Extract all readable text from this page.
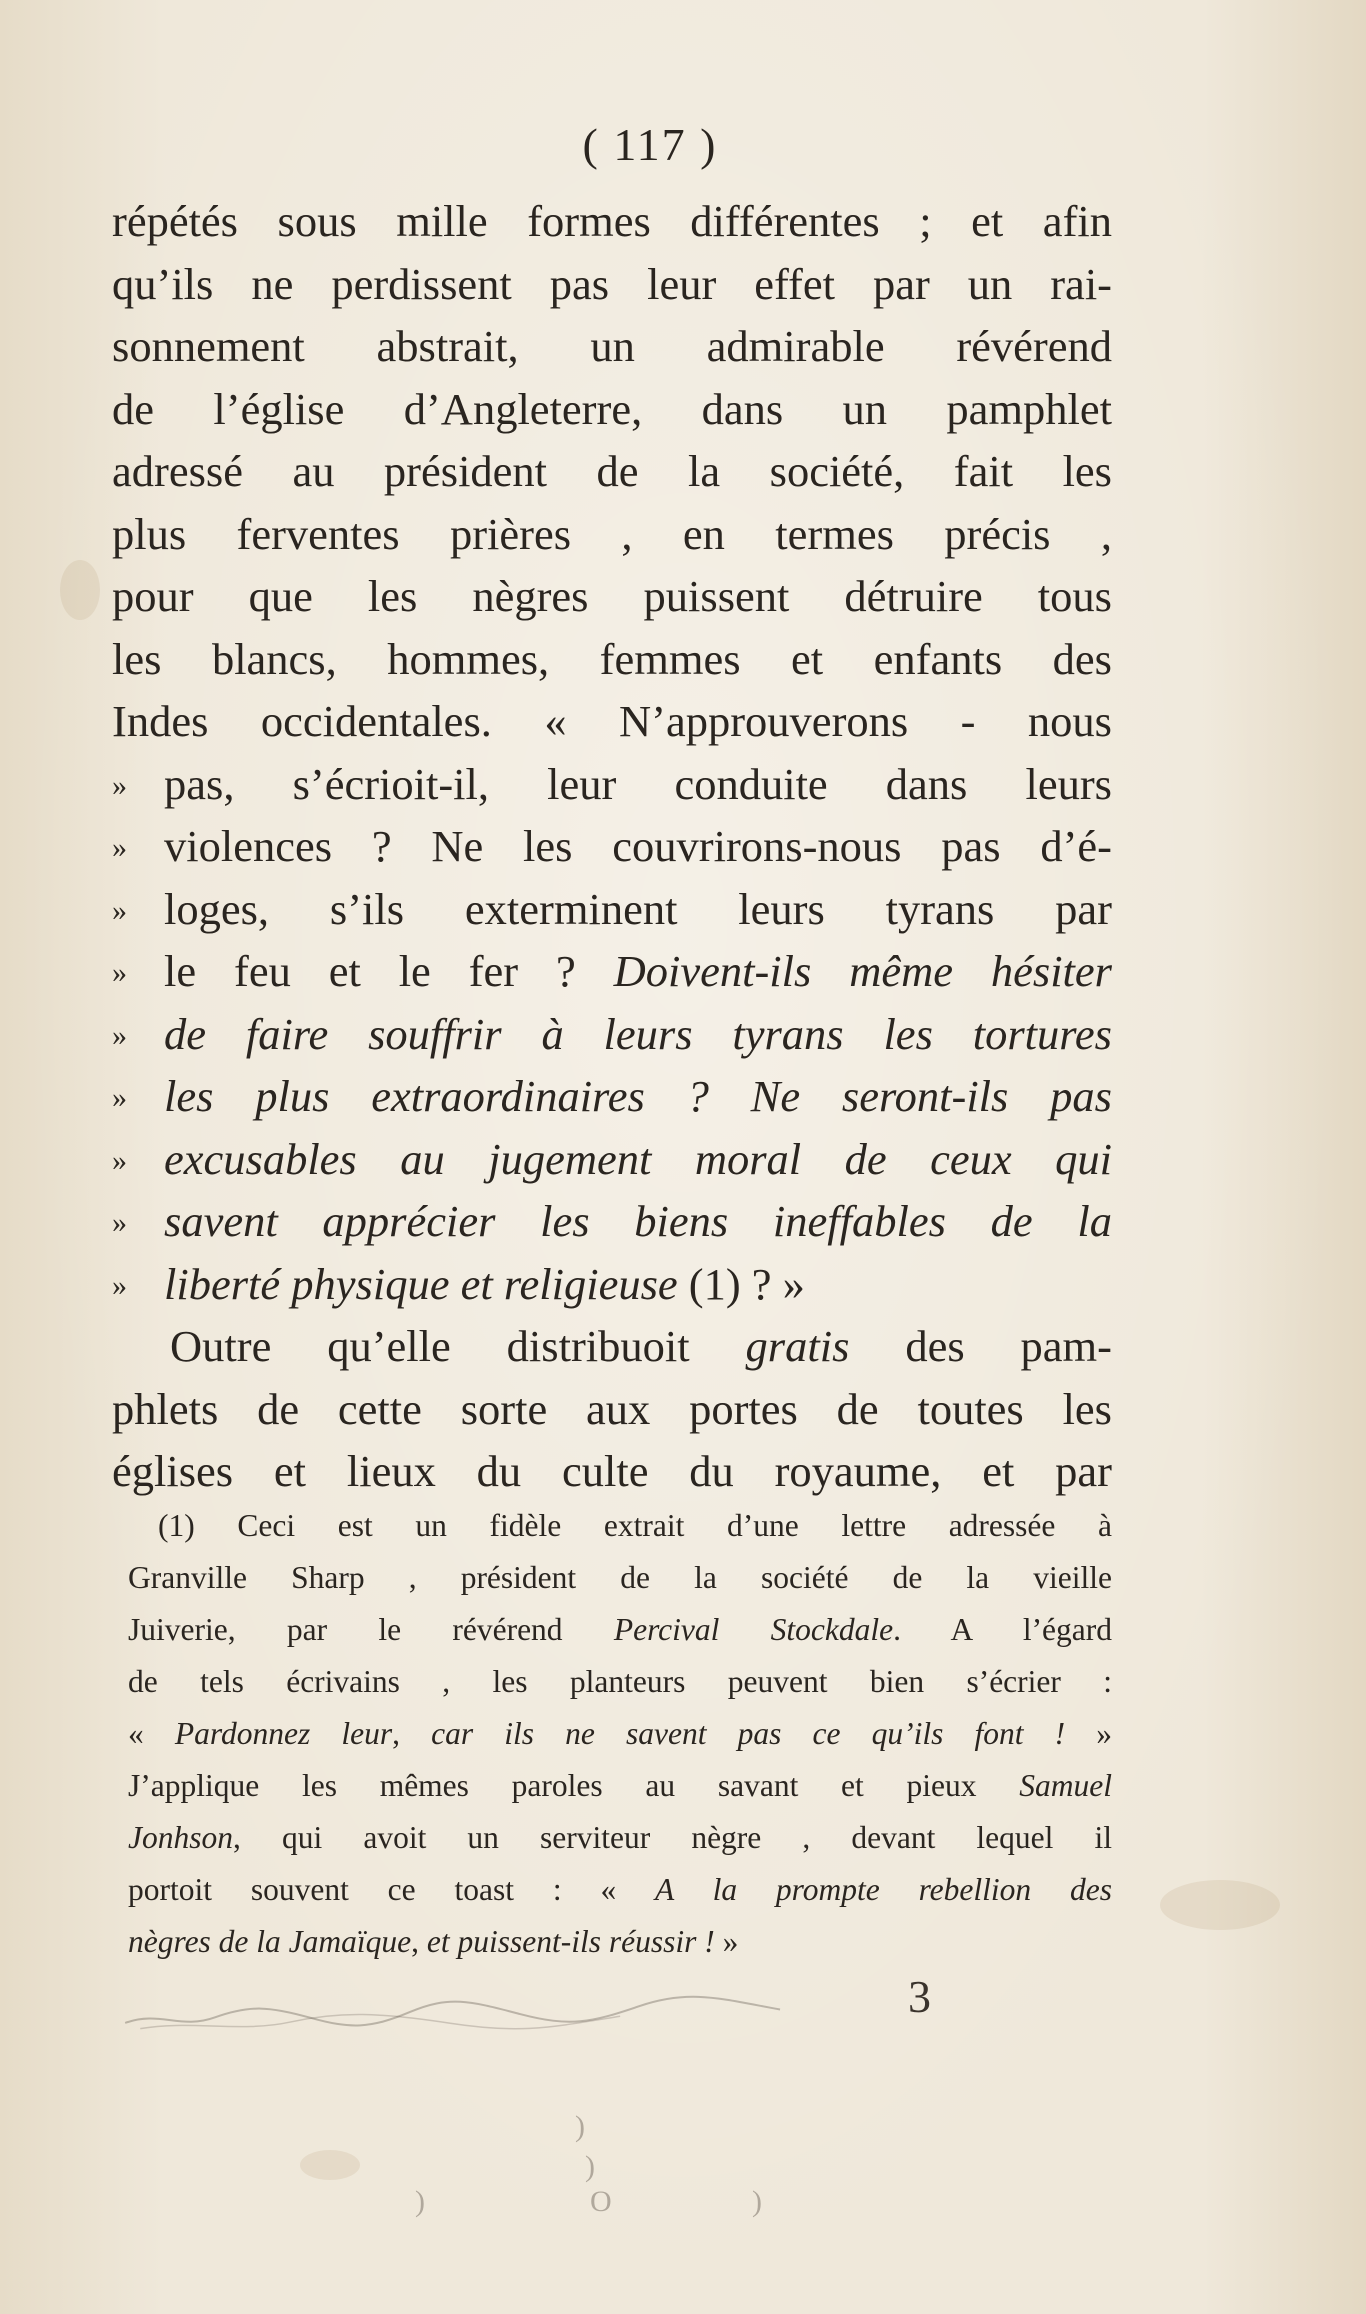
( 117 )
répétés sous mille formes différentes ; et afin
qu’ils ne perdissent pas leur effet par un rai-
sonnement abstrait, un admirable révérend
de l’église d’Angleterre, dans un pamphlet
adressé au président de la société, fait les
plus ferventes prières , en termes précis ,
pour que les nègres puissent détruire tous
les blancs, hommes, femmes et enfants des
Indes occidentales. « N’approuverons - nous
» pas, s’écrioit-il, leur conduite dans leurs
» violences ? Ne les couvrirons-nous pas d’é-
» loges, s’ils exterminent leurs tyrans par
» le feu et le fer ? Doivent-ils même hésiter
» de faire souffrir à leurs tyrans les tortures
» les plus extraordinaires ? Ne seront-ils pas
» excusables au jugement moral de ceux qui
» savent apprécier les biens ineffables de la
» liberté physique et religieuse (1) ? »
Outre qu’elle distribuoit gratis des pam-
phlets de cette sorte aux portes de toutes les
églises et lieux du culte du royaume, et par
(1) Ceci est un fidèle extrait d’une lettre adressée à
Granville Sharp , président de la société de la vieille
Juiverie, par le révérend Percival Stockdale. A l’égard
de tels écrivains , les planteurs peuvent bien s’écrier :
« Pardonnez leur, car ils ne savent pas ce qu’ils font ! »
J’applique les mêmes paroles au savant et pieux Samuel
Jonhson, qui avoit un serviteur nègre , devant lequel il
portoit souvent ce toast : « A la prompte rebellion des
nègres de la Jamaïque, et puissent-ils réussir ! »
3
)
)
O	)
)
